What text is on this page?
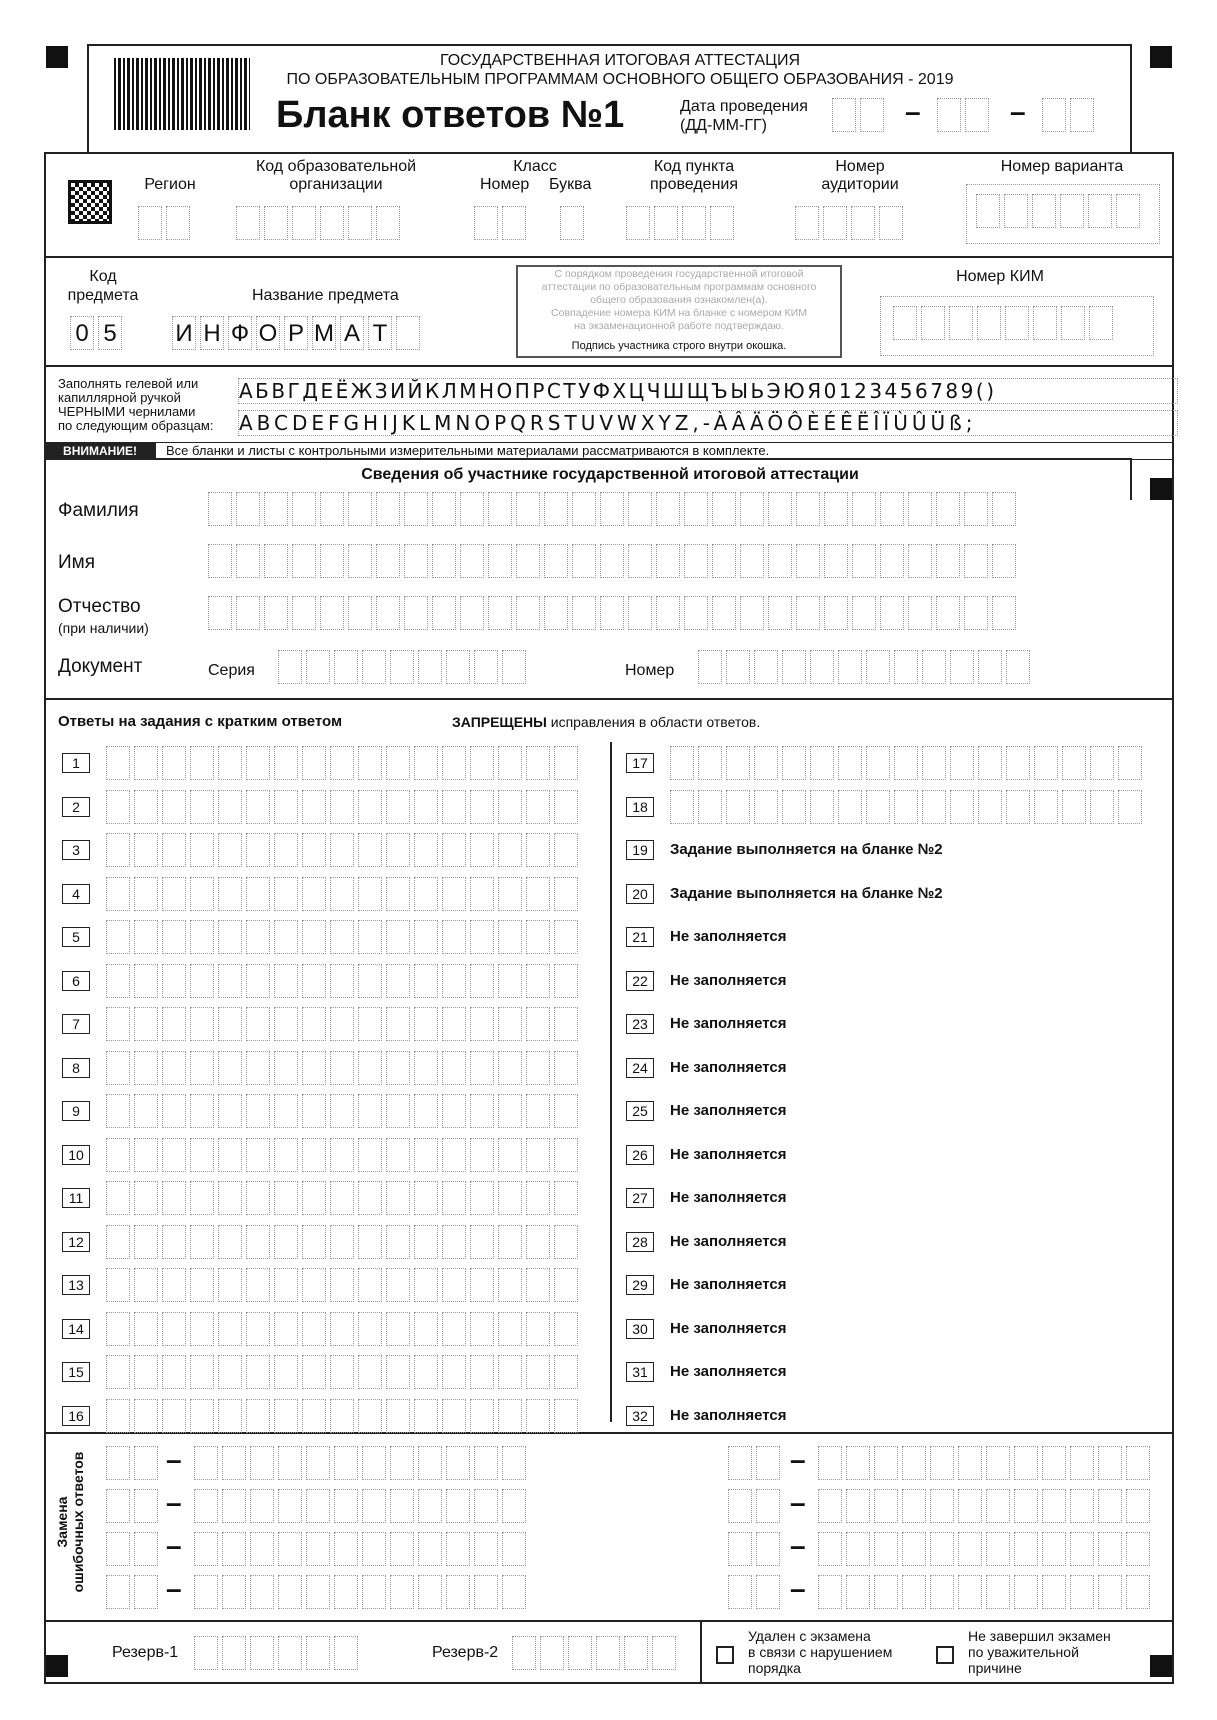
ГОСУДАРСТВЕННАЯ ИТОГОВАЯ АТТЕСТАЦИЯ
ПО ОБРАЗОВАТЕЛЬНЫМ ПРОГРАММАМ ОСНОВНОГО ОБЩЕГО ОБРАЗОВАНИЯ - 2019
Бланк ответов №1	Дата проведения
(ДД-ММ-ГГ)	–	–
Регион
Код образовательной
организации
Класс
Номер Буква
Код пункта
проведения
Номер
аудитории
Номер варианта
Код
предмета
0 5
Название предмета
И Н Ф О Р М А Т
С порядком проведения государственной итоговой
аттестации по образовательным программам основного
общего образования ознакомлен(а).
Совпадение номера КИМ на бланке с номером КИМ
на экзаменационной работе подтверждаю.
Подпись участника строго внутри окошка.
Номер КИМ
Заполнять гелевой или
капиллярной ручкой
ЧЕРНЫМИ чернилами
по следующим образцам:
АБВГДЕЁЖЗИЙКЛМНОПРСТУФХЦЧШЩЪЫЬЭЮЯ0123456789()
ABCDEFGHIJKLMNOPQRSTUVWXYZ,-ÀÂÄÖÔÈÉÊËÎÏÙÛÜß;
ВНИМАНИЕ!	Все бланки и листы с контрольными измерительными материалами рассматриваются в комплекте.
Сведения об участнике государственной итоговой аттестации
Фамилия
Имя
Отчество
(при наличии)
Документ	Серия	Номер
Ответы на задания с кратким ответом	ЗАПРЕЩЕНЫ исправления в области ответов.
1
2
3
4
5
6
7
8
9
10
11
12
13
14
15
16
17
18
19	Задание выполняется на бланке №2
20	Задание выполняется на бланке №2
21	Не заполняется
22	Не заполняется
23	Не заполняется
24	Не заполняется
25	Не заполняется
26	Не заполняется
27	Не заполняется
28	Не заполняется
29	Не заполняется
30	Не заполняется
31	Не заполняется
32	Не заполняется
Замена ошибочных ответов	–	–
–	–
–	–
–	–
Резерв-1	Резерв-2
Удален с экзамена
в связи с нарушением
порядка
Не завершил экзамен
по уважительной
причине
